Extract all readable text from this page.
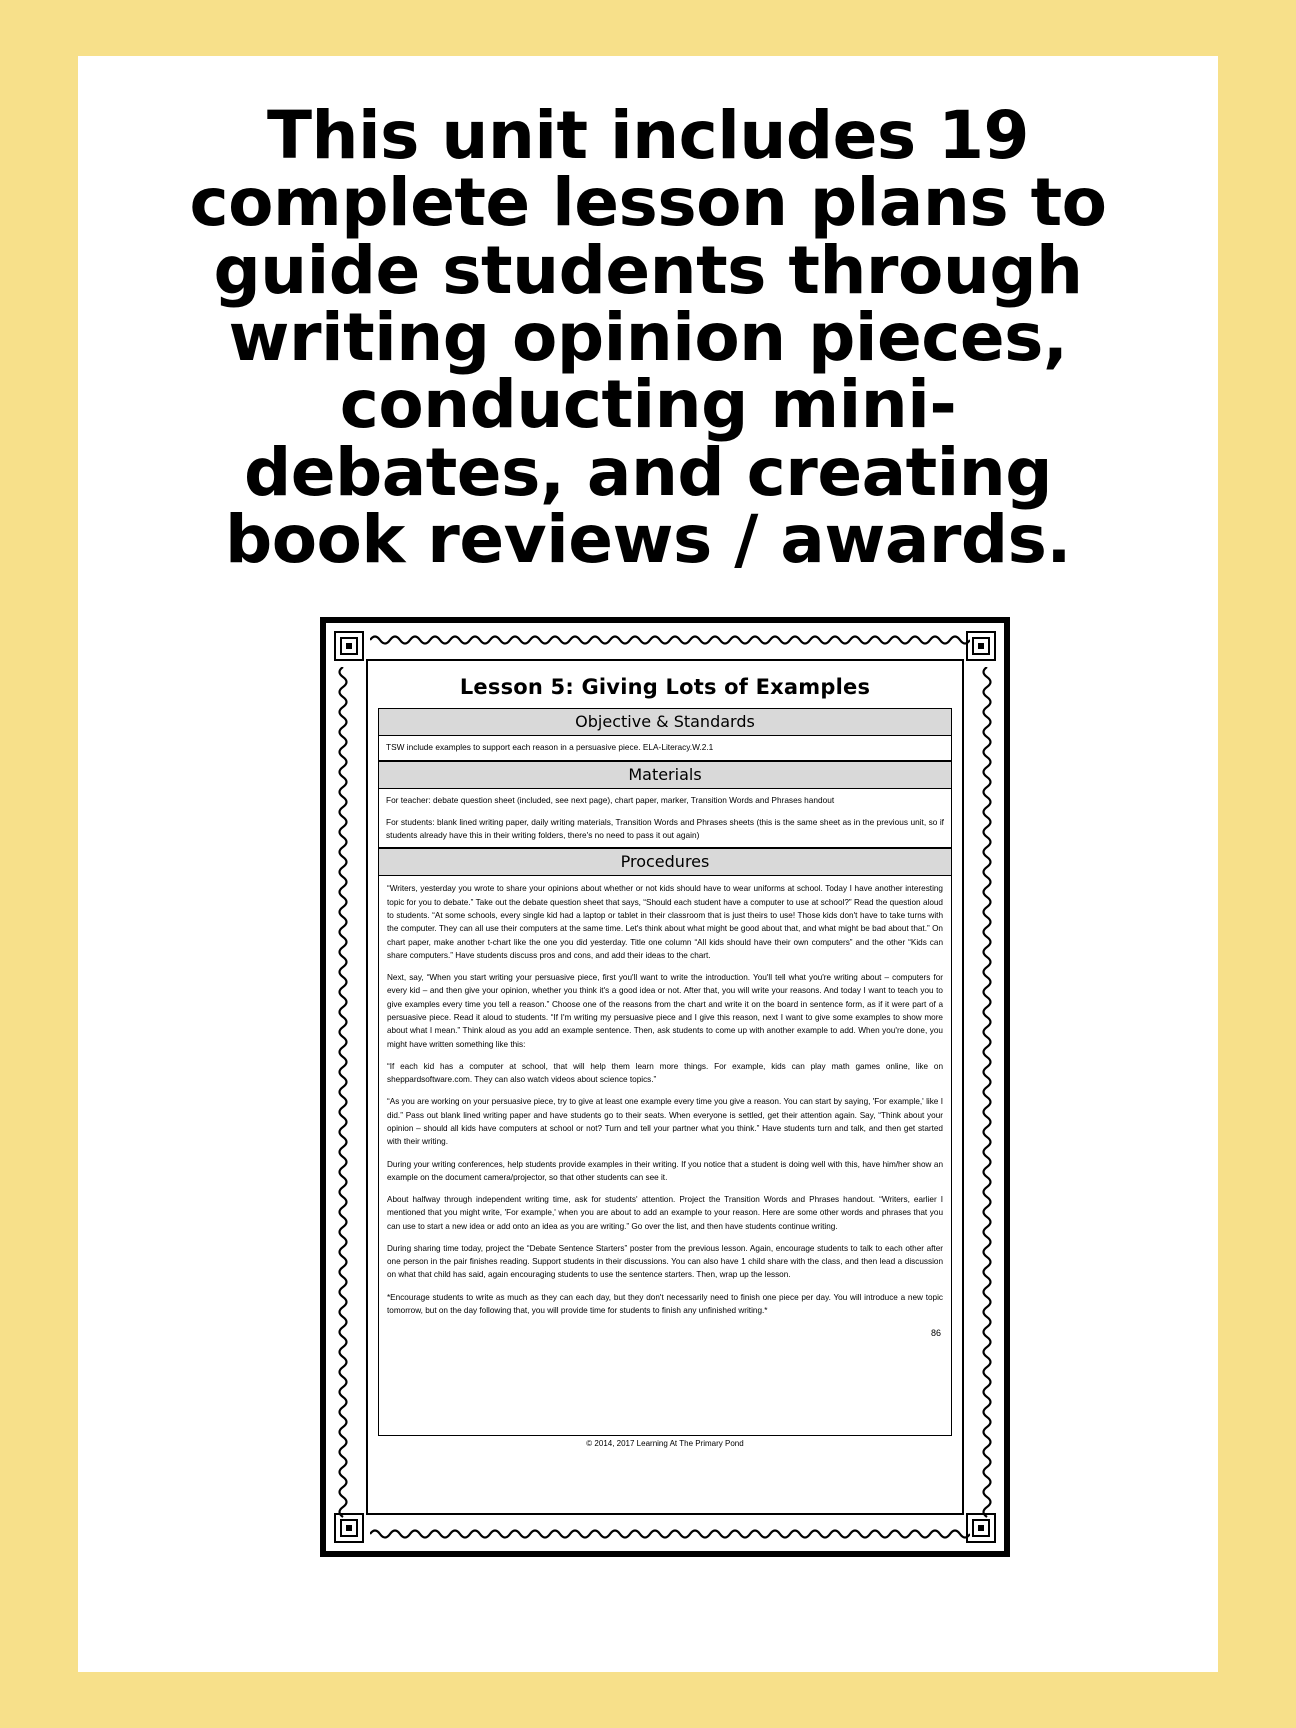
This unit includes 19 complete lesson plans to guide students through writing opinion pieces, conducting mini-debates, and creating book reviews / awards.
Lesson 5: Giving Lots of Examples
Objective & Standards

TSW include examples to support each reason in a persuasive piece. ELA-Literacy.W.2.1

Materials

For teacher: debate question sheet (included, see next page), chart paper, marker, Transition Words and Phrases handout

For students: blank lined writing paper, daily writing materials, Transition Words and Phrases sheets (this is the same sheet as in the previous unit, so if students already have this in their writing folders, there's no need to pass it out again)

Procedures

“Writers, yesterday you wrote to share your opinions about whether or not kids should have to wear uniforms at school. Today I have another interesting topic for you to debate.” Take out the debate question sheet that says, “Should each student have a computer to use at school?” Read the question aloud to students. “At some schools, every single kid had a laptop or tablet in their classroom that is just theirs to use! Those kids don't have to take turns with the computer. They can all use their computers at the same time. Let's think about what might be good about that, and what might be bad about that.” On chart paper, make another t-chart like the one you did yesterday. Title one column “All kids should have their own computers” and the other “Kids can share computers.” Have students discuss pros and cons, and add their ideas to the chart.

Next, say, “When you start writing your persuasive piece, first you'll want to write the introduction. You'll tell what you're writing about – computers for every kid – and then give your opinion, whether you think it's a good idea or not. After that, you will write your reasons. And today I want to teach you to give examples every time you tell a reason.” Choose one of the reasons from the chart and write it on the board in sentence form, as if it were part of a persuasive piece. Read it aloud to students. “If I'm writing my persuasive piece and I give this reason, next I want to give some examples to show more about what I mean.” Think aloud as you add an example sentence. Then, ask students to come up with another example to add. When you're done, you might have written something like this:

“If each kid has a computer at school, that will help them learn more things. For example, kids can play math games online, like on sheppardsoftware.com. They can also watch videos about science topics.”

“As you are working on your persuasive piece, try to give at least one example every time you give a reason. You can start by saying, 'For example,' like I did.” Pass out blank lined writing paper and have students go to their seats. When everyone is settled, get their attention again. Say, “Think about your opinion – should all kids have computers at school or not? Turn and tell your partner what you think.” Have students turn and talk, and then get started with their writing.

During your writing conferences, help students provide examples in their writing. If you notice that a student is doing well with this, have him/her show an example on the document camera/projector, so that other students can see it.

About halfway through independent writing time, ask for students' attention. Project the Transition Words and Phrases handout. “Writers, earlier I mentioned that you might write, 'For example,' when you are about to add an example to your reason. Here are some other words and phrases that you can use to start a new idea or add onto an idea as you are writing.” Go over the list, and then have students continue writing.

During sharing time today, project the “Debate Sentence Starters” poster from the previous lesson. Again, encourage students to talk to each other after one person in the pair finishes reading. Support students in their discussions. You can also have 1 child share with the class, and then lead a discussion on what that child has said, again encouraging students to use the sentence starters. Then, wrap up the lesson.

*Encourage students to write as much as they can each day, but they don't necessarily need to finish one piece per day. You will introduce a new topic tomorrow, but on the day following that, you will provide time for students to finish any unfinished writing.*

86
© 2014, 2017 Learning At The Primary Pond
